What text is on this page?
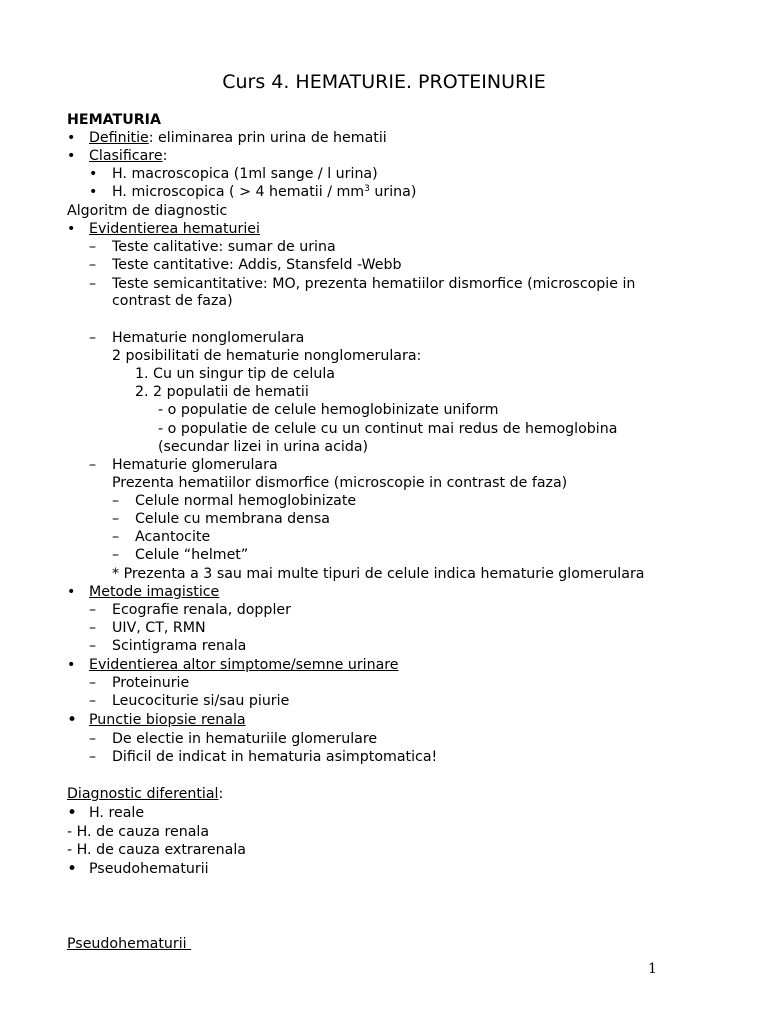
Curs 4. HEMATURIE. PROTEINURIE
HEMATURIA
• Definitie: eliminarea prin urina de hematii
• Clasificare:
• H. macroscopica (1ml sange / l urina)
• H. microscopica ( > 4 hematii / $mm^3$ urina)
Algoritm de diagnostic
• Evidentierea hematuriei
– Teste calitative: sumar de urina
– Teste cantitative: Addis, Stansfeld -Webb
– Teste semicantitative: MO, prezenta hematiilor dismorfice (microscopie in
contrast de faza)
– Hematurie nonglomerulara
2 posibilitati de hematurie nonglomerulara:
1. Cu un singur tip de celula
2. 2 populatii de hematii
- o populatie de celule hemoglobinizate uniform
- o populatie de celule cu un continut mai redus de hemoglobina
(secundar lizei in urina acida)
– Hematurie glomerulara
Prezenta hematiilor dismorfice (microscopie in contrast de faza)
– Celule normal hemoglobinizate
– Celule cu membrana densa
– Acantocite
– Celule “helmet”
* Prezenta a 3 sau mai multe tipuri de celule indica hematurie glomerulara
• Metode imagistice
– Ecografie renala, doppler
– UIV, CT, RMN
– Scintigrama renala
• Evidentierea altor simptome/semne urinare
– Proteinurie
– Leucociturie si/sau piurie
• Punctie biopsie renala
– De electie in hematuriile glomerulare
– Dificil de indicat in hematuria asimptomatica!
Diagnostic diferential:
• H. reale
- H. de cauza renala
- H. de cauza extrarenala
• Pseudohematurii
Pseudohematurii
1
